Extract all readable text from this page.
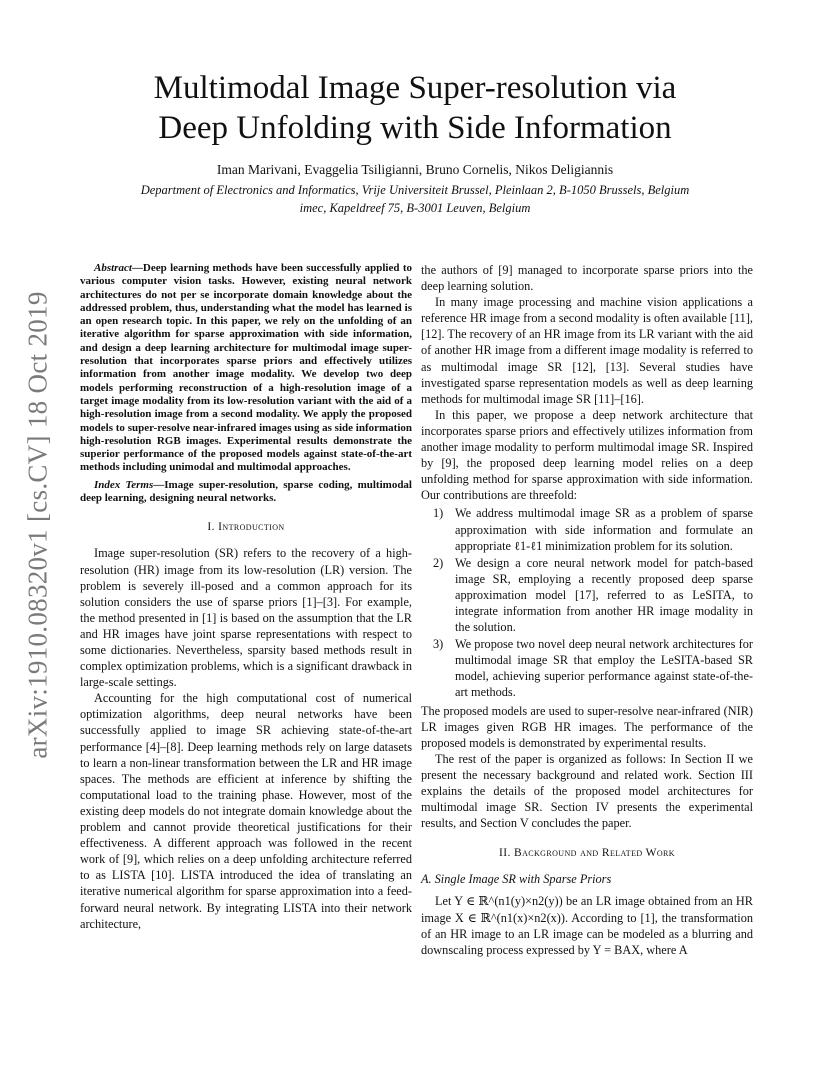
arXiv:1910.08320v1 [cs.CV] 18 Oct 2019
Multimodal Image Super-resolution via
Deep Unfolding with Side Information
Iman Marivani, Evaggelia Tsiligianni, Bruno Cornelis, Nikos Deligiannis
Department of Electronics and Informatics, Vrije Universiteit Brussel, Pleinlaan 2, B-1050 Brussels, Belgium
imec, Kapeldreef 75, B-3001 Leuven, Belgium

Abstract—Deep learning methods have been successfully applied to various computer vision tasks. However, existing neural network architectures do not per se incorporate domain knowledge about the addressed problem, thus, understanding what the model has learned is an open research topic. In this paper, we rely on the unfolding of an iterative algorithm for sparse approximation with side information, and design a deep learning architecture for multimodal image super-resolution that incorporates sparse priors and effectively utilizes information from another image modality. We develop two deep models performing reconstruction of a high-resolution image of a target image modality from its low-resolution variant with the aid of a high-resolution image from a second modality. We apply the proposed models to super-resolve near-infrared images using as side information high-resolution RGB images. Experimental results demonstrate the superior performance of the proposed models against state-of-the-art methods including unimodal and multimodal approaches.

Index Terms—Image super-resolution, sparse coding, multimodal deep learning, designing neural networks.

I. Introduction

Image super-resolution (SR) refers to the recovery of a high-resolution (HR) image from its low-resolution (LR) version. The problem is severely ill-posed and a common approach for its solution considers the use of sparse priors [1]–[3]. For example, the method presented in [1] is based on the assumption that the LR and HR images have joint sparse representations with respect to some dictionaries. Nevertheless, sparsity based methods result in complex optimization problems, which is a significant drawback in large-scale settings.

Accounting for the high computational cost of numerical optimization algorithms, deep neural networks have been successfully applied to image SR achieving state-of-the-art performance [4]–[8]. Deep learning methods rely on large datasets to learn a non-linear transformation between the LR and HR image spaces. The methods are efficient at inference by shifting the computational load to the training phase. However, most of the existing deep models do not integrate domain knowledge about the problem and cannot provide theoretical justifications for their effectiveness. A different approach was followed in the recent work of [9], which relies on a deep unfolding architecture referred to as LISTA [10]. LISTA introduced the idea of translating an iterative numerical algorithm for sparse approximation into a feed-forward neural network. By integrating LISTA into their network architecture,

the authors of [9] managed to incorporate sparse priors into the deep learning solution.

In many image processing and machine vision applications a reference HR image from a second modality is often available [11], [12]. The recovery of an HR image from its LR variant with the aid of another HR image from a different image modality is referred to as multimodal image SR [12], [13]. Several studies have investigated sparse representation models as well as deep learning methods for multimodal image SR [11]–[16].

In this paper, we propose a deep network architecture that incorporates sparse priors and effectively utilizes information from another image modality to perform multimodal image SR. Inspired by [9], the proposed deep learning model relies on a deep unfolding method for sparse approximation with side information. Our contributions are threefold:

1) We address multimodal image SR as a problem of sparse approximation with side information and formulate an appropriate ℓ1-ℓ1 minimization problem for its solution.
2) We design a core neural network model for patch-based image SR, employing a recently proposed deep sparse approximation model [17], referred to as LeSITA, to integrate information from another HR image modality in the solution.
3) We propose two novel deep neural network architectures for multimodal image SR that employ the LeSITA-based SR model, achieving superior performance against state-of-the-art methods.

The proposed models are used to super-resolve near-infrared (NIR) LR images given RGB HR images. The performance of the proposed models is demonstrated by experimental results.

The rest of the paper is organized as follows: In Section II we present the necessary background and related work. Section III explains the details of the proposed model architectures for multimodal image SR. Section IV presents the experimental results, and Section V concludes the paper.

II. Background and Related Work
A. Single Image SR with Sparse Priors

Let Y ∈ ℝ^(n1(y)×n2(y)) be an LR image obtained from an HR image X ∈ ℝ^(n1(x)×n2(x)). According to [1], the transformation of an HR image to an LR image can be modeled as a blurring and downscaling process expressed by Y = BAX, where A
